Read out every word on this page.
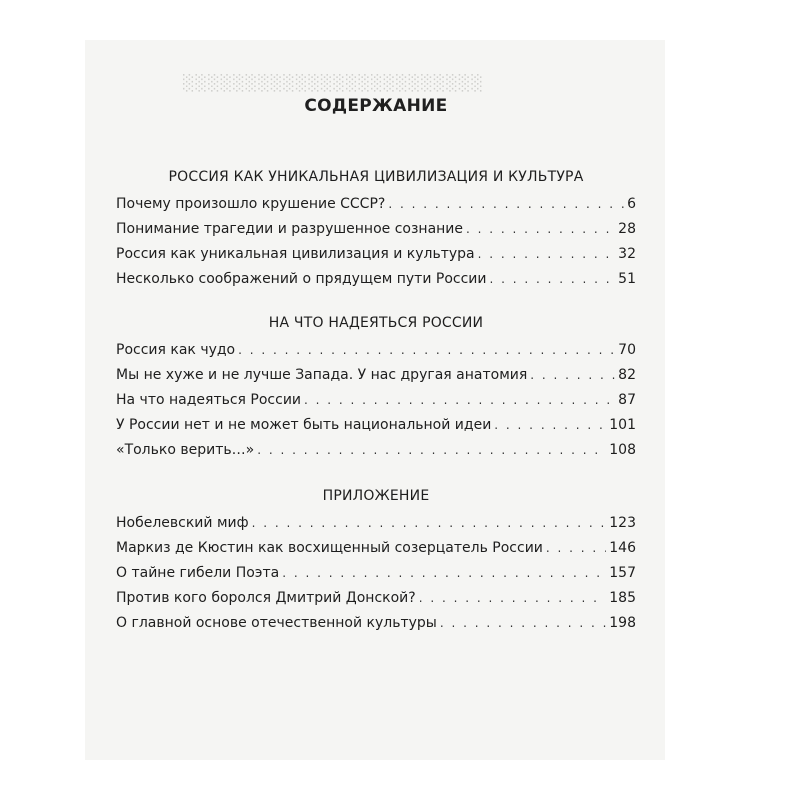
░░░░░░░░░░░░░░░░░░░░░░░░
СОДЕРЖАНИЕ
РОССИЯ КАК УНИКАЛЬНАЯ ЦИВИЛИЗАЦИЯ И КУЛЬТУРА
Почему произошло крушение СССР? . . .	6
Понимание трагедии и разрушенное сознание . . .	28
Россия как уникальная цивилизация и культура . . .	32
Несколько соображений о прядущем пути России . . .	51
НА ЧТО НАДЕЯТЬСЯ РОССИИ
Россия как чудо . . .	70
Мы не хуже и не лучше Запада. У нас другая анатомия . . .	82
На что надеяться России . . .	87
У России нет и не может быть национальной идеи . . .	101
«Только верить…» . . .	108
ПРИЛОЖЕНИЕ
Нобелевский миф . . .	123
Маркиз де Кюстин как восхищенный созерцатель России . . .	146
О тайне гибели Поэта . . .	157
Против кого боролся Дмитрий Донской? . . .	185
О главной основе отечественной культуры . . .	198
